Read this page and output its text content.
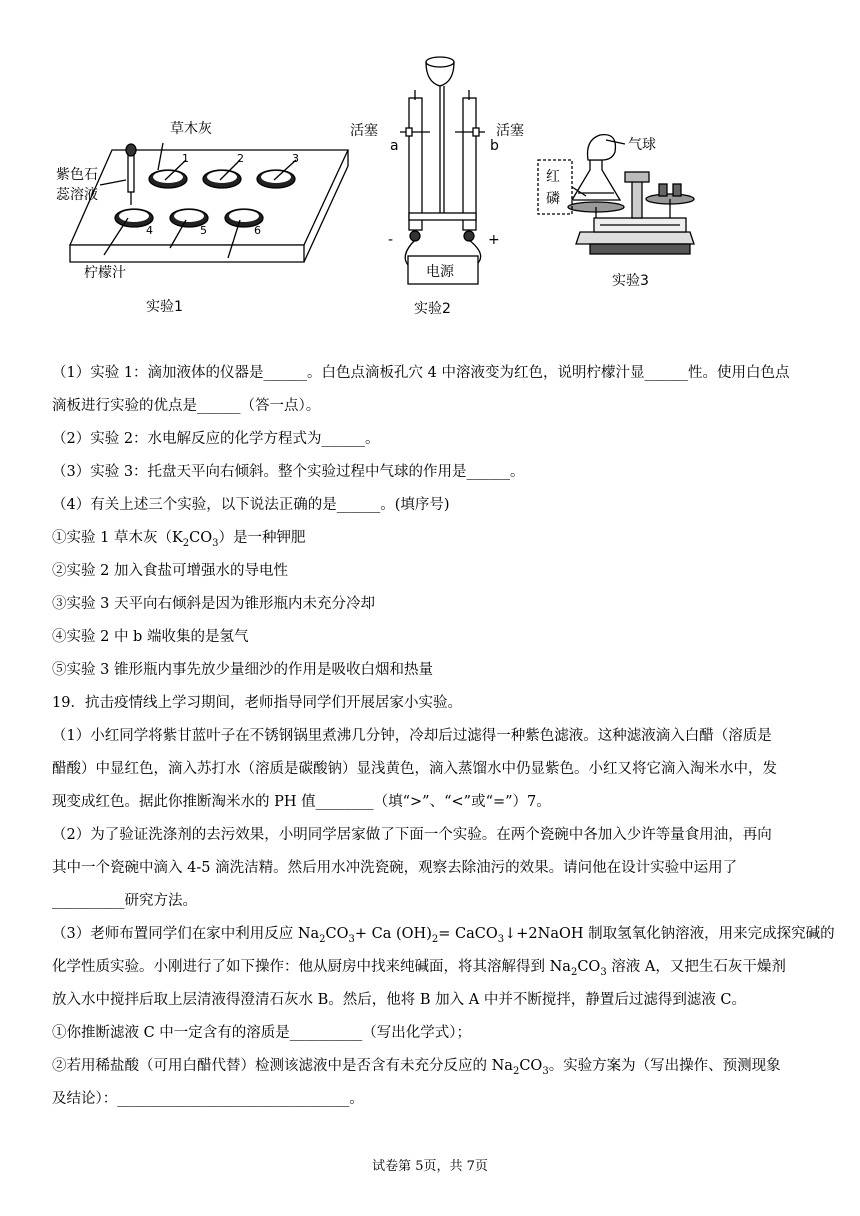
草木灰
紫色石
蕊溶液
柠檬汁
1	2	3
4	5	6
实验1
活塞	活塞
a	b
-	+
电源
实验2
气球
红
磷
实验3
（1）实验 1：滴加液体的仪器是______。白色点滴板孔穴 4 中溶液变为红色，说明柠檬汁显______性。使用白色点
滴板进行实验的优点是______（答一点）。
（2）实验 2：水电解反应的化学方程式为______。
（3）实验 3：托盘天平向右倾斜。整个实验过程中气球的作用是______。
（4）有关上述三个实验，以下说法正确的是______。(填序号)
①实验 1 草木灰$(K_2CO_3)$是一种钾肥
②实验 2 加入食盐可增强水的导电性
③实验 3 天平向右倾斜是因为锥形瓶内未充分冷却
④实验 2 中 b 端收集的是氢气
⑤实验 3 锥形瓶内事先放少量细沙的作用是吸收白烟和热量
19．抗击疫情线上学习期间，老师指导同学们开展居家小实验。
（1）小红同学将紫甘蓝叶子在不锈钢锅里煮沸几分钟，冷却后过滤得一种紫色滤液。这种滤液滴入白醋（溶质是
醋酸）中显红色，滴入苏打水（溶质是碳酸钠）显浅黄色，滴入蒸馏水中仍显紫色。小红又将它滴入淘米水中，发
现变成红色。据此你推断淘米水的 PH 值________（填“>”、“<”或“=”）7。
（2）为了验证洗涤剂的去污效果，小明同学居家做了下面一个实验。在两个瓷碗中各加入少许等量食用油，再向
其中一个瓷碗中滴入 4-5 滴洗洁精。然后用水冲洗瓷碗，观察去除油污的效果。请问他在设计实验中运用了
__________研究方法。
（3）老师布置同学们在家中利用反应 $Na_2CO_3+ Ca$ $(OH)_2=$ CaCO$_3$↓+2NaOH 制取氢氧化钠溶液，用来完成探究碱的
化学性质实验。小刚进行了如下操作：他从厨房中找来纯碱面，将其溶解得到 $Na_2CO_3$ 溶液 A，又把生石灰干燥剂
放入水中搅拌后取上层清液得澄清石灰水 B。然后，他将 B 加入 A 中并不断搅拌，静置后过滤得到滤液 C。
①你推断滤液 C 中一定含有的溶质是__________（写出化学式）；
②若用稀盐酸（可用白醋代替）检测该滤液中是否含有未充分反应的 $Na_2CO_3$。实验方案为（写出操作、预测现象
及结论）：________________________________。
试卷第 5页，共 7页
